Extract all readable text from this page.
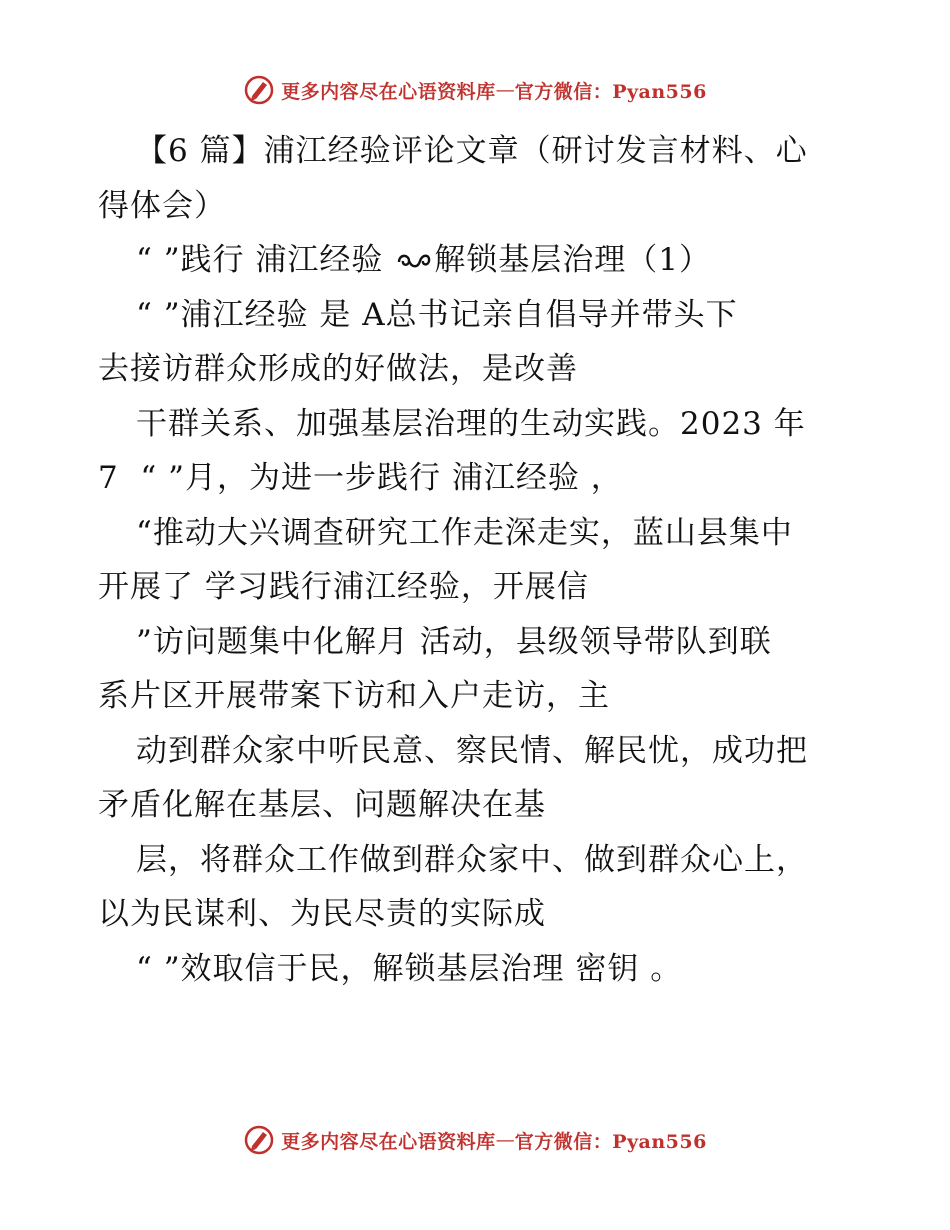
更多内容尽在心语资料库 — 官方微信：Pyan556
【6 篇】浦江经验评论文章（研讨发言材料、心
得体会）
“ ”践行 浦江经验 解锁基层治理（1）
“ ”浦江经验 是 A总书记亲自倡导并带头下
去接访群众形成的好做法，是改善
干群关系、加强基层治理的生动实践。2023 年
7  “ ”月，为进一步践行 浦江经验 ，
“推动大兴调查研究工作走深走实，蓝山县集中
开展了 学习践行浦江经验，开展信
”访问题集中化解月 活动，县级领导带队到联
系片区开展带案下访和入户走访，主
动到群众家中听民意、察民情、解民忧，成功把
矛盾化解在基层、问题解决在基
层，将群众工作做到群众家中、做到群众心上，
以为民谋利、为民尽责的实际成
“ ”效取信于民，解锁基层治理 密钥 。
更多内容尽在心语资料库 — 官方微信：Pyan556
